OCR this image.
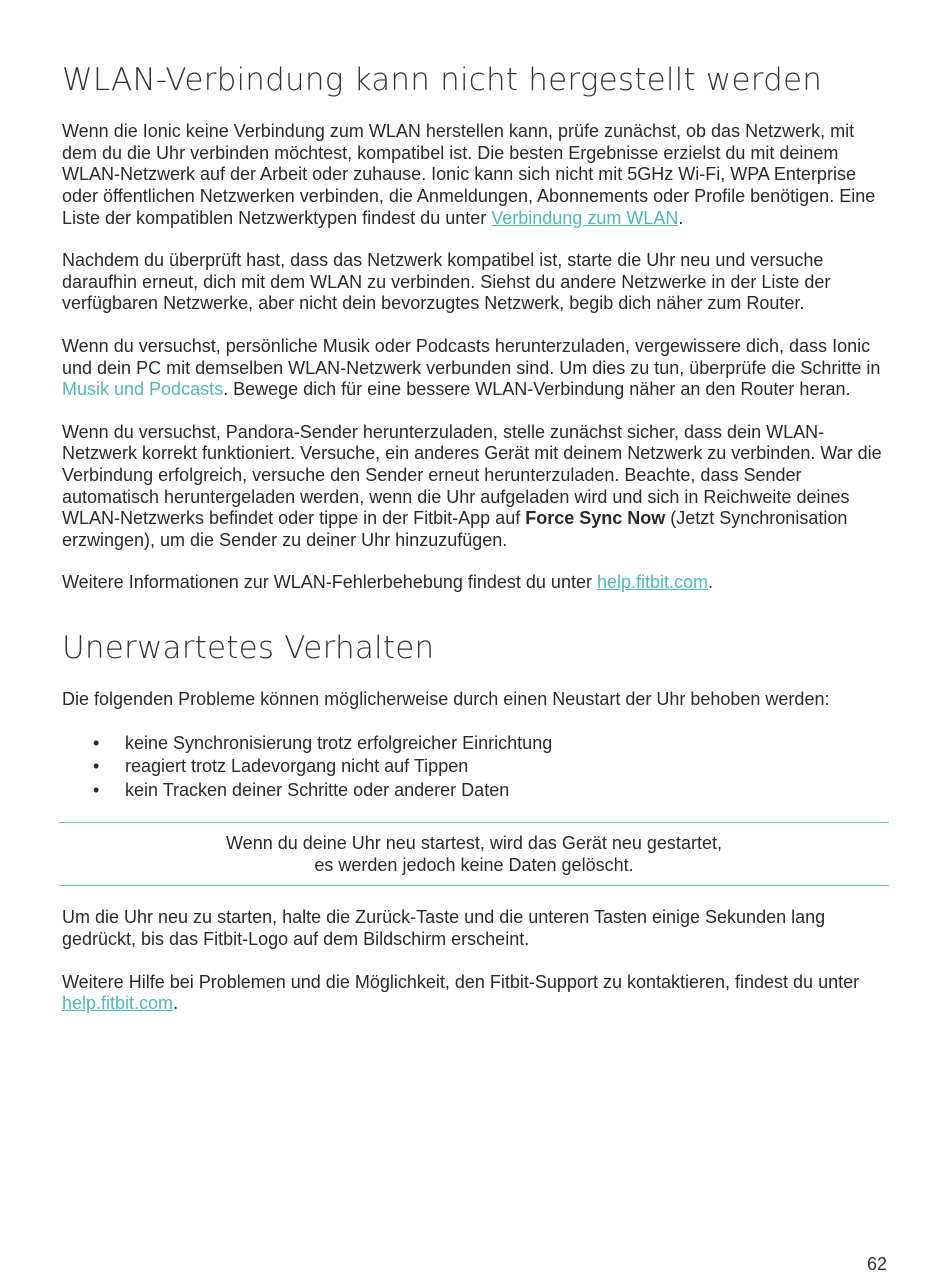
WLAN-Verbindung kann nicht hergestellt werden

Wenn die Ionic keine Verbindung zum WLAN herstellen kann, prüfe zunächst, ob das Netzwerk, mit dem du die Uhr verbinden möchtest, kompatibel ist. Die besten Ergebnisse erzielst du mit deinem WLAN-Netzwerk auf der Arbeit oder zuhause. Ionic kann sich nicht mit 5GHz Wi-Fi, WPA Enterprise oder öffentlichen Netzwerken verbinden, die Anmeldungen, Abonnements oder Profile benötigen. Eine Liste der kompatiblen Netzwerktypen findest du unter Verbindung zum WLAN.

Nachdem du überprüft hast, dass das Netzwerk kompatibel ist, starte die Uhr neu und versuche daraufhin erneut, dich mit dem WLAN zu verbinden. Siehst du andere Netzwerke in der Liste der verfügbaren Netzwerke, aber nicht dein bevorzugtes Netzwerk, begib dich näher zum Router.

Wenn du versuchst, persönliche Musik oder Podcasts herunterzuladen, vergewissere dich, dass Ionic und dein PC mit demselben WLAN-Netzwerk verbunden sind. Um dies zu tun, überprüfe die Schritte in Musik und Podcasts. Bewege dich für eine bessere WLAN-Verbindung näher an den Router heran.

Wenn du versuchst, Pandora-Sender herunterzuladen, stelle zunächst sicher, dass dein WLAN-Netzwerk korrekt funktioniert. Versuche, ein anderes Gerät mit deinem Netzwerk zu verbinden. War die Verbindung erfolgreich, versuche den Sender erneut herunterzuladen. Beachte, dass Sender automatisch heruntergeladen werden, wenn die Uhr aufgeladen wird und sich in Reichweite deines WLAN-Netzwerks befindet oder tippe in der Fitbit-App auf Force Sync Now (Jetzt Synchronisation erzwingen), um die Sender zu deiner Uhr hinzuzufügen.

Weitere Informationen zur WLAN-Fehlerbehebung findest du unter help.fitbit.com.

Unerwartetes Verhalten

Die folgenden Probleme können möglicherweise durch einen Neustart der Uhr behoben werden:

• keine Synchronisierung trotz erfolgreicher Einrichtung
• reagiert trotz Ladevorgang nicht auf Tippen
• kein Tracken deiner Schritte oder anderer Daten
Wenn du deine Uhr neu startest, wird das Gerät neu gestartet,
es werden jedoch keine Daten gelöscht.

Um die Uhr neu zu starten, halte die Zurück-Taste und die unteren Tasten einige Sekunden lang gedrückt, bis das Fitbit-Logo auf dem Bildschirm erscheint.

Weitere Hilfe bei Problemen und die Möglichkeit, den Fitbit-Support zu kontaktieren, findest du unter help.fitbit.com.

62
